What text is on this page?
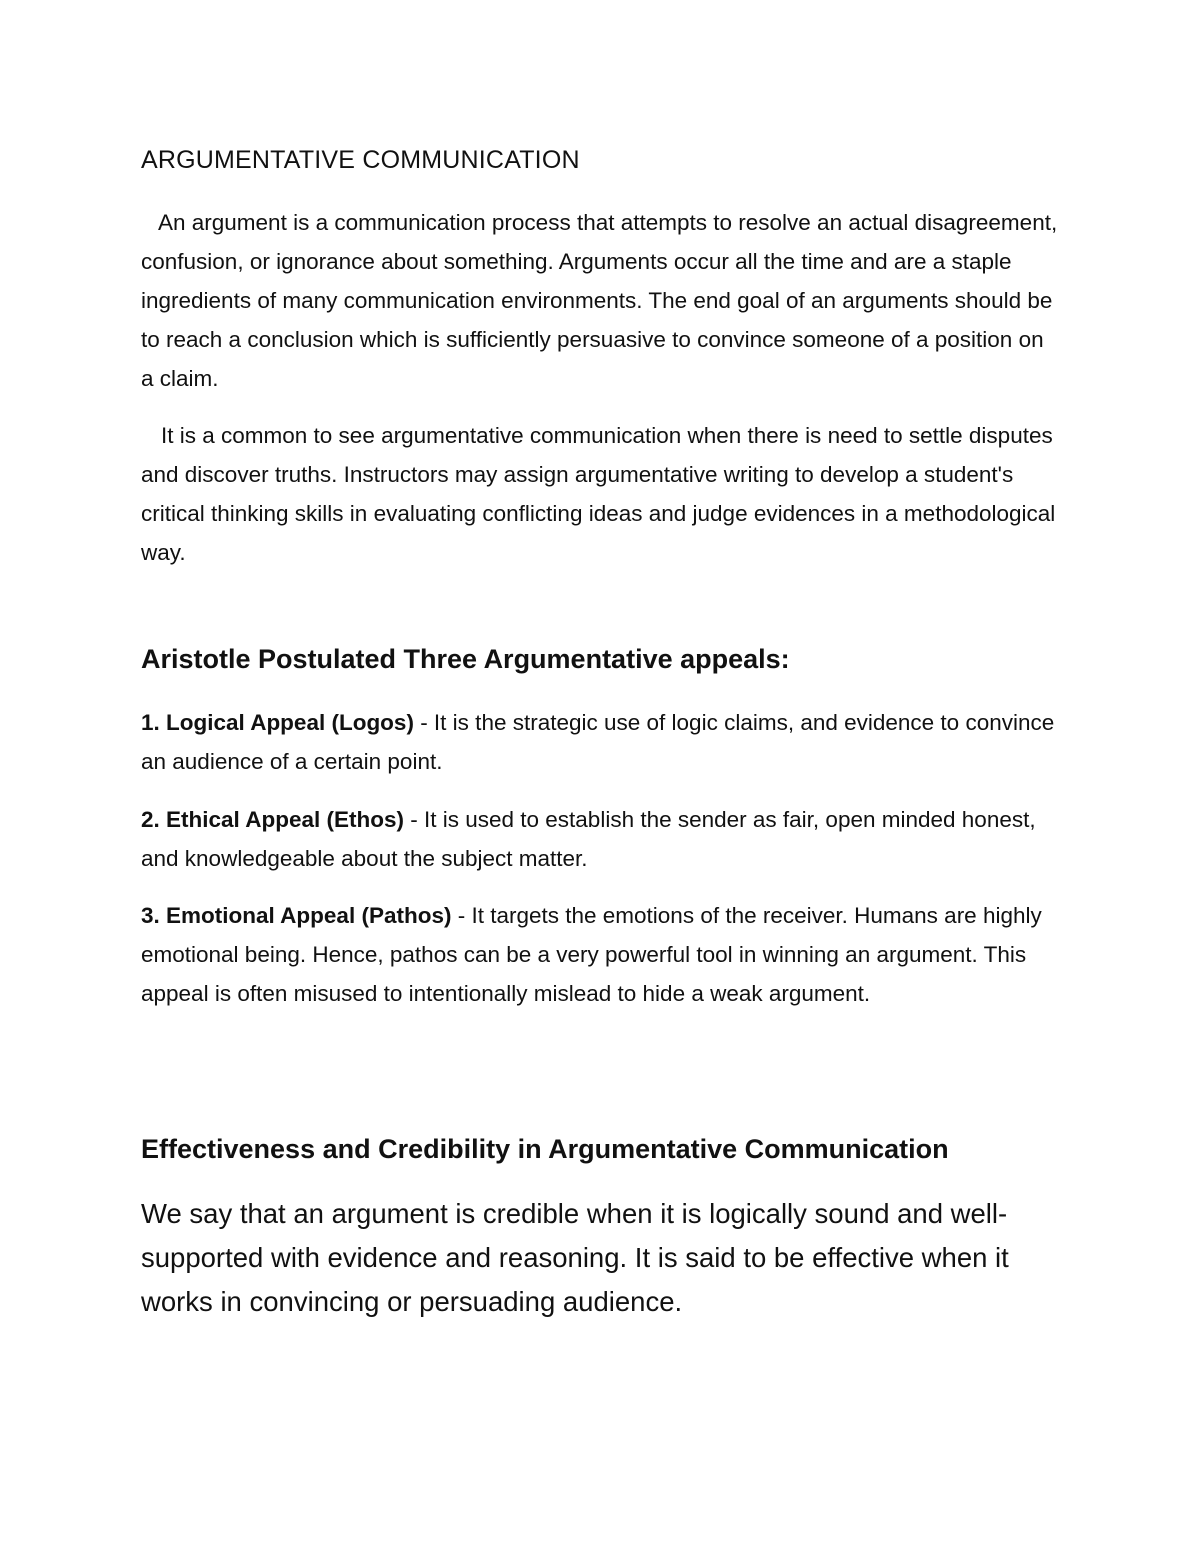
ARGUMENTATIVE COMMUNICATION

An argument is a communication process that attempts to resolve an actual disagreement, confusion, or ignorance about something. Arguments occur all the time and are a staple ingredients of many communication environments. The end goal of an arguments should be to reach a conclusion which is sufficiently persuasive to convince someone of a position on a claim.

It is a common to see argumentative communication when there is need to settle disputes and discover truths. Instructors may assign argumentative writing to develop a student's critical thinking skills in evaluating conflicting ideas and judge evidences in a methodological way.

Aristotle Postulated Three Argumentative appeals:

1. Logical Appeal (Logos) - It is the strategic use of logic claims, and evidence to convince an audience of a certain point.

2. Ethical Appeal (Ethos) - It is used to establish the sender as fair, open minded honest, and knowledgeable about the subject matter.

3. Emotional Appeal (Pathos) - It targets the emotions of the receiver. Humans are highly emotional being. Hence, pathos can be a very powerful tool in winning an argument. This appeal is often misused to intentionally mislead to hide a weak argument.

Effectiveness and Credibility in Argumentative Communication

We say that an argument is credible when it is logically sound and well-supported with evidence and reasoning. It is said to be effective when it works in convincing or persuading audience.
